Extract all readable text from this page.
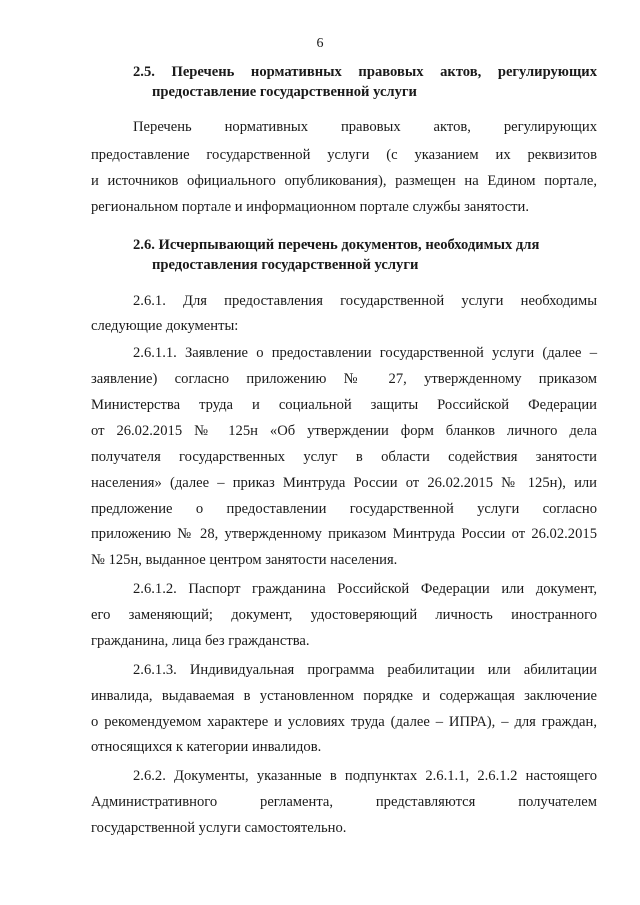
6
2.5. Перечень нормативных правовых актов, регулирующих
предоставление государственной услуги
Перечень нормативных правовых актов, регулирующих
предоставление государственной услуги (с указанием их реквизитов
и источников официального опубликования), размещен на Едином портале,
региональном портале и информационном портале службы занятости.
2.6. Исчерпывающий перечень документов, необходимых для
предоставления государственной услуги
2.6.1. Для предоставления государственной услуги необходимы
следующие документы:
2.6.1.1. Заявление о предоставлении государственной услуги (далее –
заявление) согласно приложению № 27, утвержденному приказом
Министерства труда и социальной защиты Российской Федерации
от 26.02.2015 № 125н «Об утверждении форм бланков личного дела
получателя государственных услуг в области содействия занятости
населения» (далее – приказ Минтруда России от 26.02.2015 № 125н), или
предложение о предоставлении государственной услуги согласно
приложению № 28, утвержденному приказом Минтруда России от 26.02.2015
№ 125н, выданное центром занятости населения.
2.6.1.2. Паспорт гражданина Российской Федерации или документ,
его заменяющий; документ, удостоверяющий личность иностранного
гражданина, лица без гражданства.
2.6.1.3. Индивидуальная программа реабилитации или абилитации
инвалида, выдаваемая в установленном порядке и содержащая заключение
о рекомендуемом характере и условиях труда (далее – ИПРА), – для граждан,
относящихся к категории инвалидов.
2.6.2. Документы, указанные в подпунктах 2.6.1.1, 2.6.1.2 настоящего
Административного регламента, представляются получателем
государственной услуги самостоятельно.
